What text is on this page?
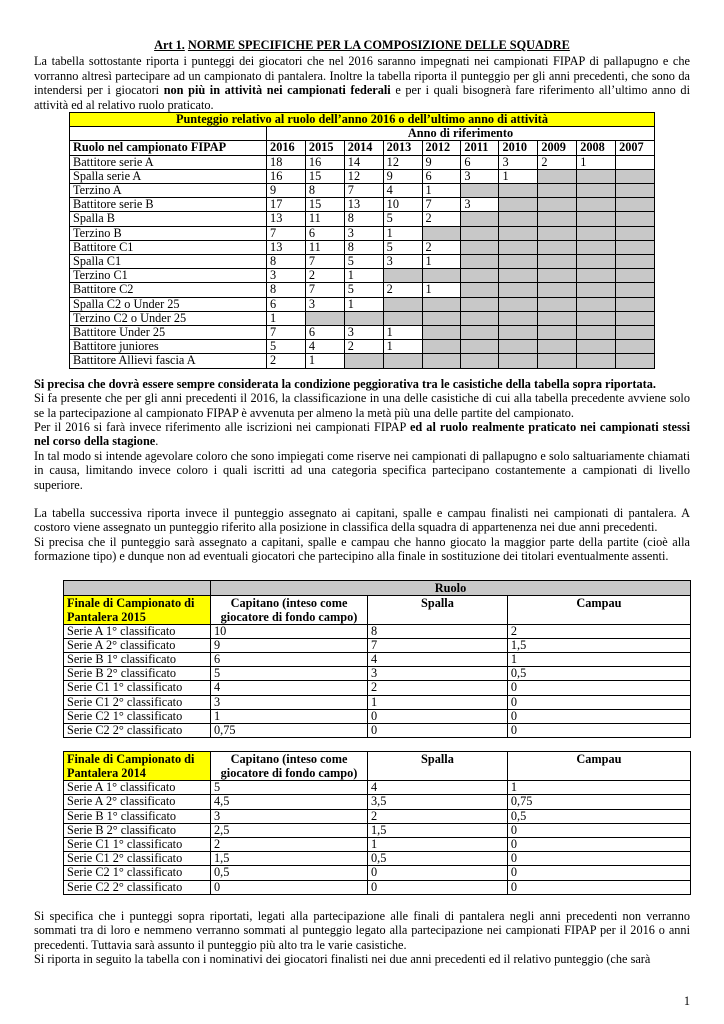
Art 1. NORME SPECIFICHE PER LA COMPOSIZIONE DELLE SQUADRE

La tabella sottostante riporta i punteggi dei giocatori che nel 2016 saranno impegnati nei campionati FIPAP di pallapugno e che vorranno altresì partecipare ad un campionato di pantalera. Inoltre la tabella riporta il punteggio per gli anni precedenti, che sono da intendersi per i giocatori non più in attività nei campionati federali e per i quali bisognerà fare riferimento all’ultimo anno di attività ed al relativo ruolo praticato.

Punteggio relativo al ruolo dell’anno 2016 o dell’ultimo anno di attività										
	Anno di riferimento									
Ruolo nel campionato FIPAP	2016	2015	2014	2013	2012	2011	2010	2009	2008	2007
Battitore serie A	18	16	14	12	9	6	3	2	1	
Spalla serie A	16	15	12	9	6	3	1			
Terzino A	9	8	7	4	1					
Battitore serie B	17	15	13	10	7	3				
Spalla B	13	11	8	5	2					
Terzino B	7	6	3	1						
Battitore C1	13	11	8	5	2					
Spalla C1	8	7	5	3	1					
Terzino C1	3	2	1							
Battitore C2	8	7	5	2	1					
Spalla C2 o Under 25	6	3	1							
Terzino C2 o Under 25	1									
Battitore Under 25	7	6	3	1						
Battitore juniores	5	4	2	1						
Battitore Allievi fascia A	2	1								

Si precisa che dovrà essere sempre considerata la condizione peggiorativa tra le casistiche della tabella sopra riportata.

Si fa presente che per gli anni precedenti il 2016, la classificazione in una delle casistiche di cui alla tabella precedente avviene solo se la partecipazione al campionato FIPAP è avvenuta per almeno la metà più una delle partite del campionato.

Per il 2016 si farà invece riferimento alle iscrizioni nei campionati FIPAP ed al ruolo realmente praticato nei campionati stessi nel corso della stagione.

In tal modo si intende agevolare coloro che sono impiegati come riserve nei campionati di pallapugno e solo saltuariamente chiamati in causa, limitando invece coloro i quali iscritti ad una categoria specifica partecipano costantemente a campionati di livello superiore.

La tabella successiva riporta invece il punteggio assegnato ai capitani, spalle e campau finalisti nei campionati di pantalera. A costoro viene assegnato un punteggio riferito alla posizione in classifica della squadra di appartenenza nei due anni precedenti.

Si precisa che il punteggio sarà assegnato a capitani, spalle e campau che hanno giocato la maggior parte della partite (cioè alla formazione tipo) e dunque non ad eventuali giocatori che partecipino alla finale in sostituzione dei titolari eventualmente assenti.

	Ruolo		
Finale di Campionato di Pantalera 2015	Capitano (inteso come giocatore di fondo campo)	Spalla	Campau
Serie A 1° classificato	10	8	2
Serie A 2° classificato	9	7	1,5
Serie B 1° classificato	6	4	1
Serie B 2° classificato	5	3	0,5
Serie C1 1° classificato	4	2	0
Serie C1 2° classificato	3	1	0
Serie C2 1° classificato	1	0	0
Serie C2 2° classificato	0,75	0	0
Finale di Campionato di Pantalera 2014	Capitano (inteso come giocatore di fondo campo)	Spalla	Campau
Serie A 1° classificato	5	4	1
Serie A 2° classificato	4,5	3,5	0,75
Serie B 1° classificato	3	2	0,5
Serie B 2° classificato	2,5	1,5	0
Serie C1 1° classificato	2	1	0
Serie C1 2° classificato	1,5	0,5	0
Serie C2 1° classificato	0,5	0	0
Serie C2 2° classificato	0	0	0

Si specifica che i punteggi sopra riportati, legati alla partecipazione alle finali di pantalera negli anni precedenti non verranno sommati tra di loro e nemmeno verranno sommati al punteggio legato alla partecipazione nei campionati FIPAP per il 2016 o anni precedenti. Tuttavia sarà assunto il punteggio più alto tra le varie casistiche.

Si riporta in seguito la tabella con i nominativi dei giocatori finalisti nei due anni precedenti ed il relativo punteggio (che sarà

1
